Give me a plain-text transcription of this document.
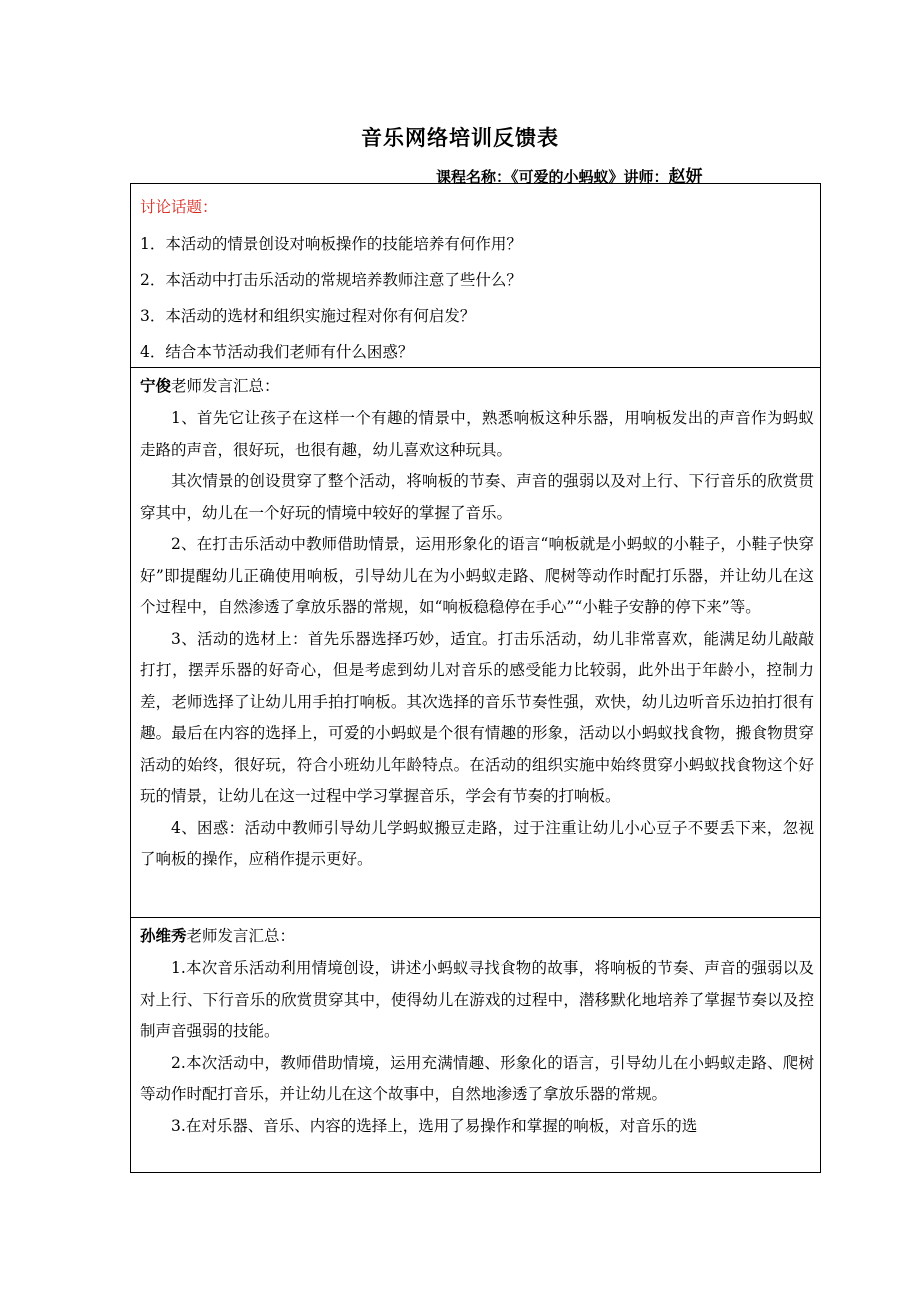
音乐网络培训反馈表
课程名称：《可爱的小蚂蚁》讲师：赵妍

讨论话题：

1．本活动的情景创设对响板操作的技能培养有何作用？

2．本活动中打击乐活动的常规培养教师注意了些什么？

3．本活动的选材和组织实施过程对你有何启发？

4．结合本节活动我们老师有什么困惑？

宁俊老师发言汇总：

1、首先它让孩子在这样一个有趣的情景中，熟悉响板这种乐器，用响板发出的声音作为蚂蚁走路的声音，很好玩，也很有趣，幼儿喜欢这种玩具。

其次情景的创设贯穿了整个活动，将响板的节奏、声音的强弱以及对上行、下行音乐的欣赏贯穿其中，幼儿在一个好玩的情境中较好的掌握了音乐。

2、在打击乐活动中教师借助情景，运用形象化的语言“响板就是小蚂蚁的小鞋子，小鞋子快穿好”即提醒幼儿正确使用响板，引导幼儿在为小蚂蚁走路、爬树等动作时配打乐器，并让幼儿在这个过程中，自然渗透了拿放乐器的常规，如“响板稳稳停在手心”“小鞋子安静的停下来”等。

3、活动的选材上：首先乐器选择巧妙，适宜。打击乐活动，幼儿非常喜欢，能满足幼儿敲敲打打，摆弄乐器的好奇心，但是考虑到幼儿对音乐的感受能力比较弱，此外出于年龄小，控制力差，老师选择了让幼儿用手拍打响板。其次选择的音乐节奏性强，欢快，幼儿边听音乐边拍打很有趣。最后在内容的选择上，可爱的小蚂蚁是个很有情趣的形象，活动以小蚂蚁找食物，搬食物贯穿活动的始终，很好玩，符合小班幼儿年龄特点。在活动的组织实施中始终贯穿小蚂蚁找食物这个好玩的情景，让幼儿在这一过程中学习掌握音乐，学会有节奏的打响板。

4、困惑：活动中教师引导幼儿学蚂蚁搬豆走路，过于注重让幼儿小心豆子不要丢下来，忽视了响板的操作，应稍作提示更好。

孙维秀老师发言汇总：

1.本次音乐活动利用情境创设，讲述小蚂蚁寻找食物的故事，将响板的节奏、声音的强弱以及对上行、下行音乐的欣赏贯穿其中，使得幼儿在游戏的过程中，潜移默化地培养了掌握节奏以及控制声音强弱的技能。

2.本次活动中，教师借助情境，运用充满情趣、形象化的语言，引导幼儿在小蚂蚁走路、爬树等动作时配打音乐，并让幼儿在这个故事中，自然地渗透了拿放乐器的常规。

3.在对乐器、音乐、内容的选择上，选用了易操作和掌握的响板，对音乐的选
